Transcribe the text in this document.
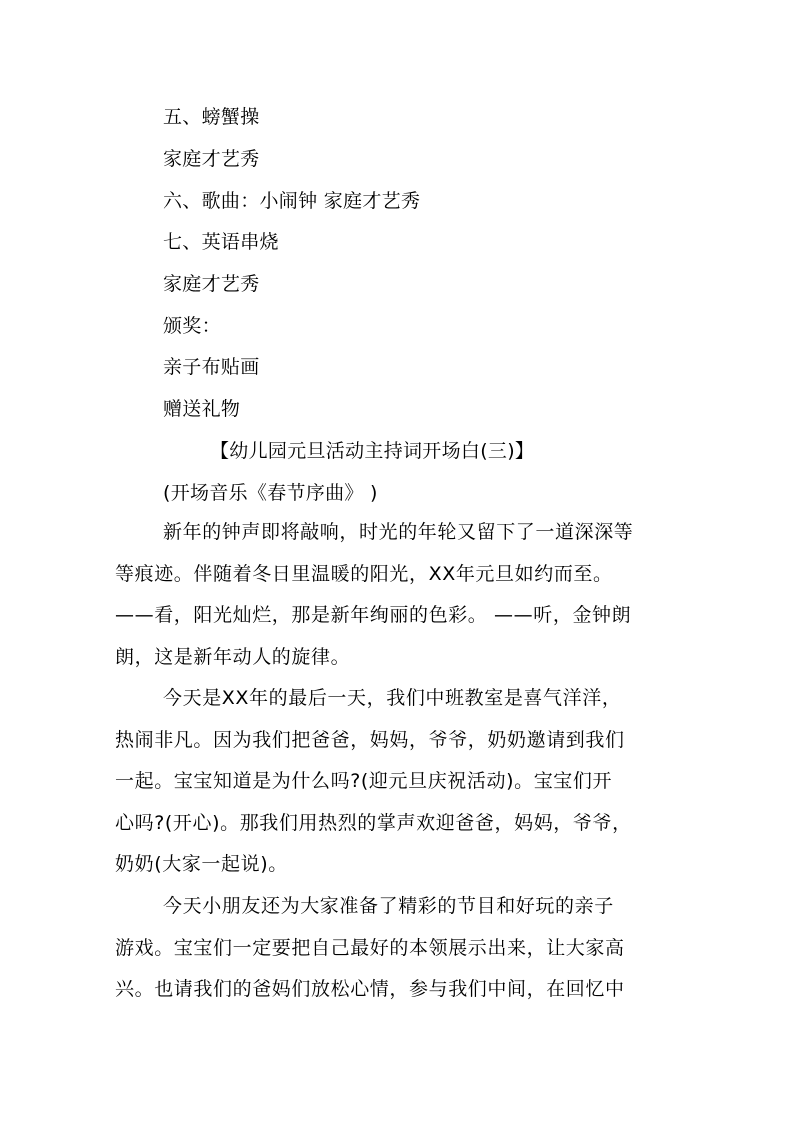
五、螃蟹操
家庭才艺秀
六、歌曲：小闹钟 家庭才艺秀
七、英语串烧
家庭才艺秀
颁奖：
亲子布贴画
赠送礼物
【幼儿园元旦活动主持词开场白(三)】
(开场音乐《春节序曲》 )
新年的钟声即将敲响，时光的年轮又留下了一道深深等
等痕迹。伴随着冬日里温暖的阳光，XX年元旦如约而至。
——看，阳光灿烂，那是新年绚丽的色彩。 ——听，金钟朗
朗，这是新年动人的旋律。
今天是XX年的最后一天，我们中班教室是喜气洋洋，
热闹非凡。因为我们把爸爸，妈妈，爷爷，奶奶邀请到我们
一起。宝宝知道是为什么吗?(迎元旦庆祝活动)。宝宝们开
心吗?(开心)。那我们用热烈的掌声欢迎爸爸，妈妈，爷爷，
奶奶(大家一起说)。
今天小朋友还为大家准备了精彩的节目和好玩的亲子
游戏。宝宝们一定要把自己最好的本领展示出来，让大家高
兴。也请我们的爸妈们放松心情，参与我们中间，在回忆中
